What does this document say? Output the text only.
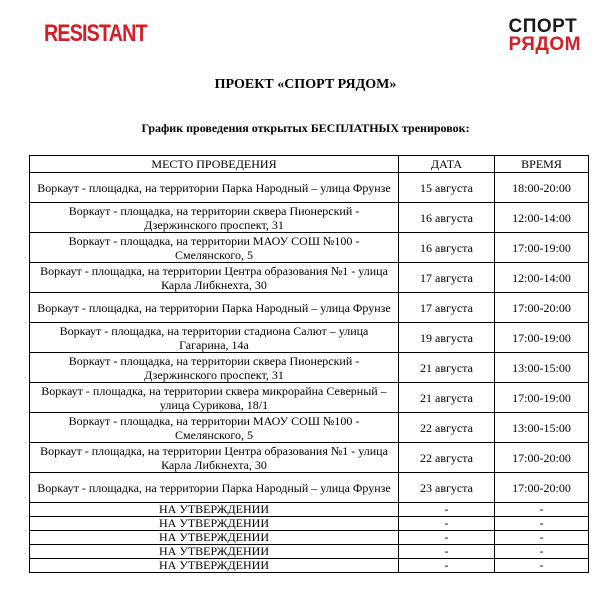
RESISTANT	СПОРТ
РЯДОМ
ПРОЕКТ «СПОРТ РЯДОМ»
График проведения открытых БЕСПЛАТНЫХ тренировок:
МЕСТО ПРОВЕДЕНИЯ	ДАТА	ВРЕМЯ
Воркаут - площадка, на территории Парка Народный – улица Фрунзе	15 августа	18:00-20:00
Воркаут - площадка, на территории сквера Пионерский - Дзержинского проспект, 31	16 августа	12:00-14:00
Воркаут - площадка, на территории МАОУ СОШ №100 - Смелянского, 5	16 августа	17:00-19:00
Воркаут - площадка, на территории Центра образования №1 - улица Карла Либкнехта, 30	17 августа	12:00-14:00
Воркаут - площадка, на территории Парка Народный – улица Фрунзе	17 августа	17:00-20:00
Воркаут - площадка, на территории стадиона Салют – улица Гагарина, 14а	19 августа	17:00-19:00
Воркаут - площадка, на территории сквера Пионерский - Дзержинского проспект, 31	21 августа	13:00-15:00
Воркаут - площадка, на территории сквера микрорайна Северный – улица Сурикова, 18/1	21 августа	17:00-19:00
Воркаут - площадка, на территории МАОУ СОШ №100 - Смелянского, 5	22 августа	13:00-15:00
Воркаут - площадка, на территории Центра образования №1 - улица Карла Либкнехта, 30	22 августа	17:00-20:00
Воркаут - площадка, на территории Парка Народный – улица Фрунзе	23 августа	17:00-20:00
НА УТВЕРЖДЕНИИ	-	-
НА УТВЕРЖДЕНИИ	-	-
НА УТВЕРЖДЕНИИ	-	-
НА УТВЕРЖДЕНИИ	-	-
НА УТВЕРЖДЕНИИ	-	-
